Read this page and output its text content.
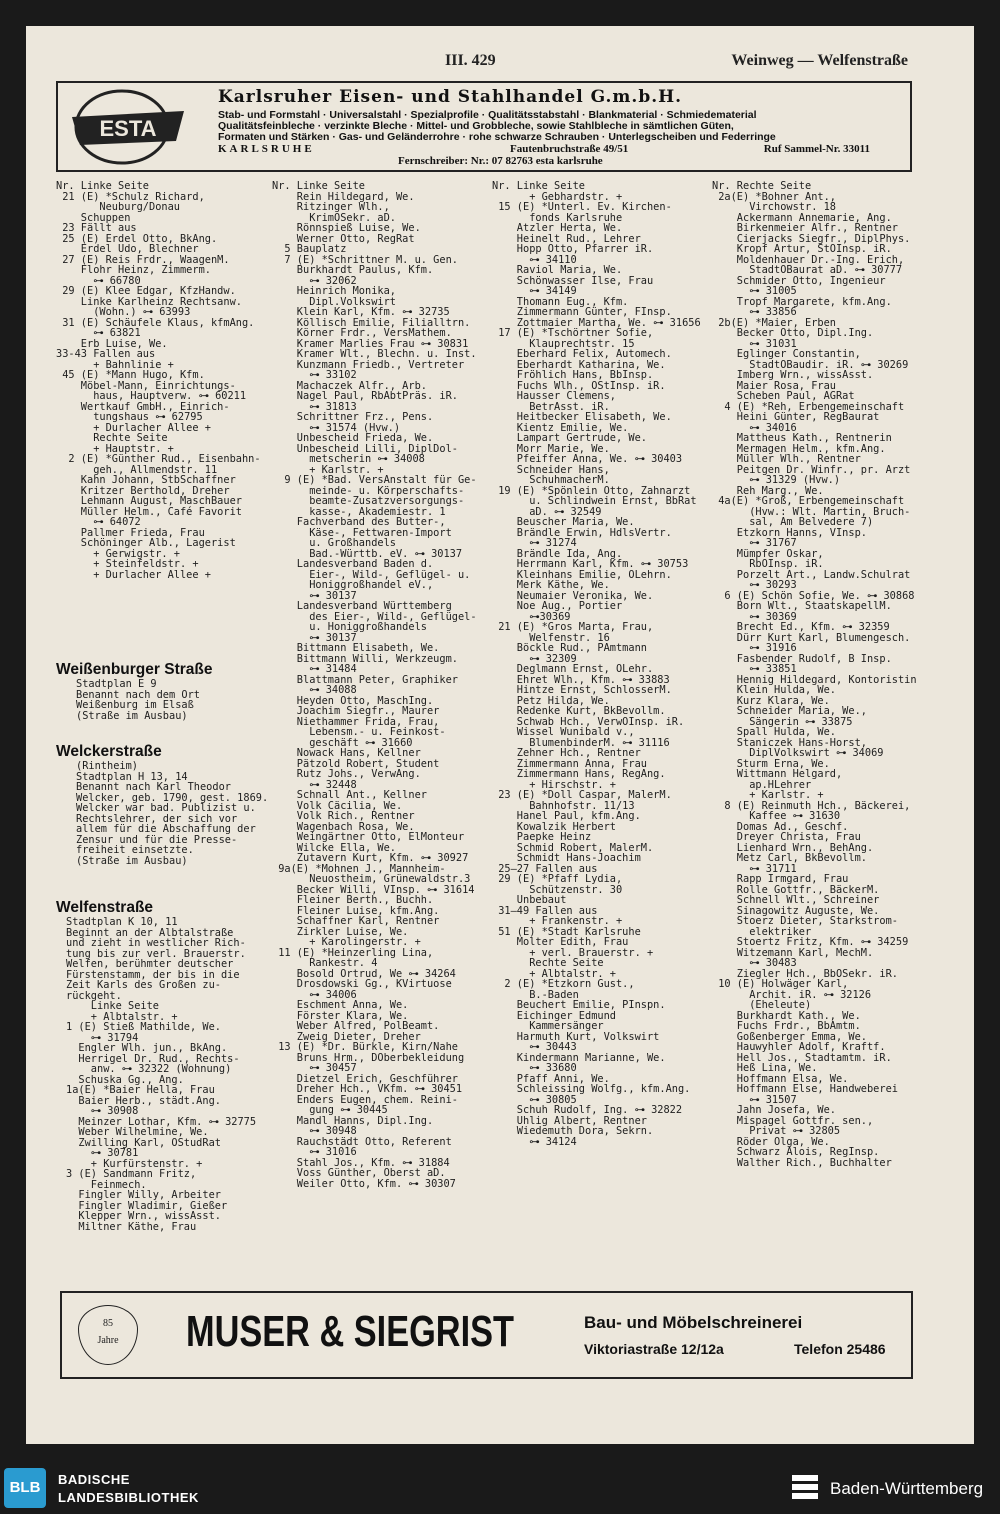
III. 429	Weinweg — Welfenstraße
ESTA
Karlsruher Eisen- und Stahlhandel G.m.b.H.
Stab- und Formstahl · Universalstahl · Spezialprofile · Qualitätsstabstahl · Blankmaterial · Schmiedematerial
Qualitätsfeinbleche · verzinkte Bleche · Mittel- und Grobbleche, sowie Stahlbleche in sämtlichen Güten,
Formaten und Stärken · Gas- und Geländerrohre · rohe schwarze Schrauben · Unterlegscheiben und Federringe
KARLSRUHE	Fautenbruchstraße 49/51	Ruf Sammel-Nr. 33011
Fernschreiber: Nr.: 07 82763 esta karlsruhe
Nr. Linke Seite
21 (E) *Schulz Richard,
Neuburg/Donau
Schuppen
23 Fällt aus
25 (E) Erdel Otto, BkAng.
Erdel Udo, Blechner
27 (E) Reis Frdr., WaagenM.
Flohr Heinz, Zimmerm.
⊶ 66780
29 (E) Klee Edgar, KfzHandw.
Linke Karlheinz Rechtsanw.
(Wohn.) ⊶ 63993
31 (E) Schäufele Klaus, kfmAng.
⊶ 63821
Erb Luise, We.
33-43 Fallen aus
+ Bahnlinie +
45 (E) *Mann Hugo, Kfm.
Möbel-Mann, Einrichtungs-
haus, Hauptverw. ⊶ 60211
Wertkauf GmbH., Einrich-
tungshaus ⊶ 62795
+ Durlacher Allee +
Rechte Seite
+ Hauptstr. +
2 (E) *Günther Rud., Eisenbahn-
geh., Allmendstr. 11
Kahn Johann, StbSchaffner
Kritzer Berthold, Dreher
Lehmann August, MaschBauer
Müller Helm., Café Favorit
⊶ 64072
Pallmer Frieda, Frau
Schöninger Alb., Lagerist
+ Gerwigstr. +
+ Steinfeldstr. +
+ Durlacher Allee +
Weißenburger Straße
Stadtplan E 9
Benannt nach dem Ort
Weißenburg im Elsaß
(Straße im Ausbau)
Welckerstraße
(Rintheim)
Stadtplan H 13, 14
Benannt nach Karl Theodor
Welcker, geb. 1790, gest. 1869.
Welcker war bad. Publizist u.
Rechtslehrer, der sich vor
allem für die Abschaffung der
Zensur und für die Presse-
freiheit einsetzte.
(Straße im Ausbau)
Welfenstraße
Stadtplan K 10, 11
Beginnt an der Albtalstraße
und zieht in westlicher Rich-
tung bis zur verl. Brauerstr.
Welfen, berühmter deutscher
Fürstenstamm, der bis in die
Zeit Karls des Großen zu-
rückgeht.
Linke Seite
+ Albtalstr. +
1 (E) Stieß Mathilde, We.
⊶ 31794
Engler Wlh. jun., BkAng.
Herrigel Dr. Rud., Rechts-
anw. ⊶ 32322 (Wohnung)
Schuska Gg., Ang.
1a(E) *Baier Hella, Frau
Baier Herb., städt.Ang.
⊶ 30908
Meinzer Lothar, Kfm. ⊶ 32775
Weber Wilhelmine, We.
Zwilling Karl, OStudRat
⊶ 30781
+ Kurfürstenstr. +
3 (E) Sandmann Fritz,
Feinmech.
Fingler Willy, Arbeiter
Fingler Wladimir, Gießer
Klepper Wrn., wissAsst.
Miltner Käthe, Frau
Nr. Linke Seite
Rein Hildegard, We.
Ritzinger Wlh.,
KrimOSekr. aD.
Rönnspieß Luise, We.
Werner Otto, RegRat
5 Bauplatz
7 (E) *Schrittner M. u. Gen.
Burkhardt Paulus, Kfm.
⊶ 32062
Heinrich Monika,
Dipl.Volkswirt
Klein Karl, Kfm. ⊶ 32735
Köllisch Emilie, Filialltrn.
Körner Frdr., VersMathem.
Kramer Marlies Frau ⊶ 30831
Kramer Wlt., Blechn. u. Inst.
Kunzmann Friedb., Vertreter
⊶ 33102
Machaczek Alfr., Arb.
Nagel Paul, RbAbtPräs. iR.
⊶ 31813
Schrittner Frz., Pens.
⊶ 31574 (Hvw.)
Unbescheid Frieda, We.
Unbescheid Lilli, DiplDol-
metscherin ⊶ 34008
+ Karlstr. +
9 (E) *Bad. VersAnstalt für Ge-
meinde- u. Körperschafts-
beamte-Zusatzversorgungs-
kasse-, Akademiestr. 1
Fachverband des Butter-,
Käse-, Fettwaren-Import
u. Großhandels
Bad.-Württb. eV. ⊶ 30137
Landesverband Baden d.
Eier-, Wild-, Geflügel- u.
Honiggroßhandel eV.,
⊶ 30137
Landesverband Württemberg
des Eier-, Wild-, Geflügel-
u. Honiggroßhandels
⊶ 30137
Bittmann Elisabeth, We.
Bittmann Willi, Werkzeugm.
⊶ 31484
Blattmann Peter, Graphiker
⊶ 34088
Heyden Otto, MaschIng.
Joachim Siegfr., Maurer
Niethammer Frida, Frau,
Lebensm.- u. Feinkost-
geschäft ⊶ 31660
Nowack Hans, Kellner
Pätzold Robert, Student
Rutz Johs., VerwAng.
⊶ 32448
Schnall Ant., Kellner
Volk Cäcilia, We.
Volk Rich., Rentner
Wagenbach Rosa, We.
Weingärtner Otto, ElMonteur
Wilcke Ella, We.
Zutavern Kurt, Kfm. ⊶ 30927
9a(E) *Mohnen J., Mannheim-
Neuostheim, Grünewaldstr.3
Becker Willi, VInsp. ⊶ 31614
Fleiner Berth., Buchh.
Fleiner Luise, kfm.Ang.
Schaffner Karl, Rentner
Zirkler Luise, We.
+ Karolingerstr. +
11 (E) *Heinzerling Lina,
Rankestr. 4
Bosold Ortrud, We ⊶ 34264
Drosdowski Gg., KVirtuose
⊶ 34006
Eschment Anna, We.
Förster Klara, We.
Weber Alfred, PolBeamt.
Zweig Dieter, Dreher
13 (E) *Dr. Bürkle, Kirn/Nahe
Bruns Hrm., DOberbekleidung
⊶ 30457
Dietzel Erich, Geschführer
Dreher Hch., VKfm. ⊶ 30451
Enders Eugen, chem. Reini-
gung ⊶ 30445
Mandl Hanns, Dipl.Ing.
⊶ 30948
Rauchstädt Otto, Referent
⊶ 31016
Stahl Jos., Kfm. ⊶ 31884
Voss Günther, Oberst aD.
Weiler Otto, Kfm. ⊶ 30307
Nr. Linke Seite
+ Gebhardstr. +
15 (E) *Unterl. Ev. Kirchen-
fonds Karlsruhe
Atzler Herta, We.
Heinelt Rud., Lehrer
Hopp Otto, Pfarrer iR.
⊶ 34110
Raviol Maria, We.
Schönwasser Ilse, Frau
⊶ 34149
Thomann Eug., Kfm.
Zimmermann Günter, FInsp.
Zottmaier Martha, We. ⊶ 31656
17 (E) *Tschörtner Sofie,
Klauprechtstr. 15
Eberhard Felix, Automech.
Eberhardt Katharina, We.
Fröhlich Hans, BbInsp.
Fuchs Wlh., OStInsp. iR.
Hausser Clemens,
BetrAsst. iR.
Heitbecker Elisabeth, We.
Kientz Emilie, We.
Lampart Gertrude, We.
Morr Marie, We.
Pfeiffer Anna, We. ⊶ 30403
Schneider Hans,
SchuhmacherM.
19 (E) *Spönlein Otto, Zahnarzt
u. Schlindwein Ernst, BbRat
aD. ⊶ 32549
Beuscher Maria, We.
Brändle Erwin, HdlsVertr.
⊶ 31274
Brändle Ida, Ang.
Herrmann Karl, Kfm. ⊶ 30753
Kleinhans Emilie, OLehrn.
Merk Käthe, We.
Neumaier Veronika, We.
Noe Aug., Portier
⊶30369
21 (E) *Gros Marta, Frau,
Welfenstr. 16
Böckle Rud., PAmtmann
⊶ 32309
Deglmann Ernst, OLehr.
Ehret Wlh., Kfm. ⊶ 33883
Hintze Ernst, SchlosserM.
Petz Hilda, We.
Redenke Kurt, BkBevollm.
Schwab Hch., VerwOInsp. iR.
Wissel Wunibald v.,
BlumenbinderM. ⊶ 31116
Zehner Hch., Rentner
Zimmermann Anna, Frau
Zimmermann Hans, RegAng.
+ Hirschstr. +
23 (E) *Doll Caspar, MalerM.
Bahnhofstr. 11/13
Hanel Paul, kfm.Ang.
Kowalzik Herbert
Paepke Heinz
Schmid Robert, MalerM.
Schmidt Hans-Joachim
25—27 Fallen aus
29 (E) *Pfaff Lydia,
Schützenstr. 30
Unbebaut
31—49 Fallen aus
+ Frankenstr. +
51 (E) *Stadt Karlsruhe
Molter Edith, Frau
+ verl. Brauerstr. +
Rechte Seite
+ Albtalstr. +
2 (E) *Etzkorn Gust.,
B.-Baden
Beuchert Emilie, PInspn.
Eichinger Edmund
Kammersänger
Harmuth Kurt, Volkswirt
⊶ 30443
Kindermann Marianne, We.
⊶ 33680
Pfaff Anni, We.
Schleissing Wolfg., kfm.Ang.
⊶ 30805
Schuh Rudolf, Ing. ⊶ 32822
Uhlig Albert, Rentner
Wiedemuth Dora, Sekrn.
⊶ 34124
Nr. Rechte Seite
2a(E) *Bohner Ant.,
Virchowstr. 18
Ackermann Annemarie, Ang.
Birkenmeier Alfr., Rentner
Cierjacks Siegfr., DiplPhys.
Kropf Artur, StOInsp. iR.
Moldenhauer Dr.-Ing. Erich,
StadtOBaurat aD. ⊶ 30777
Schmider Otto, Ingenieur
⊶ 31005
Tropf Margarete, kfm.Ang.
⊶ 33856
2b(E) *Maier, Erben
Becker Otto, Dipl.Ing.
⊶ 31031
Eglinger Constantin,
StadtOBaudir. iR. ⊶ 30269
Imberg Wrn., wissAsst.
Maier Rosa, Frau
Scheben Paul, AGRat
4 (E) *Reh, Erbengemeinschaft
Heini Günter, RegBaurat
⊶ 34016
Mattheus Kath., Rentnerin
Mermagen Helm., kfm.Ang.
Müller Wlh., Rentner
Peitgen Dr. Winfr., pr. Arzt
⊶ 31329 (Hvw.)
Reh Marg., We.
4a(E) *Groß, Erbengemeinschaft
(Hvw.: Wlt. Martin, Bruch-
sal, Am Belvedere 7)
Etzkorn Hanns, VInsp.
⊶ 31767
Mümpfer Oskar,
RbOInsp. iR.
Porzelt Art., Landw.Schulrat
⊶ 30293
6 (E) Schön Sofie, We. ⊶ 30868
Born Wlt., StaatskapellM.
⊶ 30369
Brecht Ed., Kfm. ⊶ 32359
Dürr Kurt Karl, Blumengesch.
⊶ 31916
Fasbender Rudolf, B Insp.
⊶ 33851
Hennig Hildegard, Kontoristin
Klein Hulda, We.
Kurz Klara, We.
Schneider Maria, We.,
Sängerin ⊶ 33875
Spall Hulda, We.
Staniczek Hans-Horst,
DiplVolkswirt ⊶ 34069
Sturm Erna, We.
Wittmann Helgard,
ap.HLehrer
+ Karlstr. +
8 (E) Reinmuth Hch., Bäckerei,
Kaffee ⊶ 31630
Domas Ad., Geschf.
Dreyer Christa, Frau
Lienhard Wrn., BehAng.
Metz Carl, BkBevollm.
⊶ 31711
Rapp Irmgard, Frau
Rolle Gottfr., BäckerM.
Schnell Wlt., Schreiner
Sinagowitz Auguste, We.
Stoerz Dieter, Starkstrom-
elektriker
Stoertz Fritz, Kfm. ⊶ 34259
Witzemann Karl, MechM.
⊶ 30483
Ziegler Hch., BbOSekr. iR.
10 (E) Holwäger Karl,
Archit. iR. ⊶ 32126
(Eheleute)
Burkhardt Kath., We.
Fuchs Frdr., BbAmtm.
Goßenberger Emma, We.
Hauwyhler Adolf, Kraftf.
Hell Jos., Stadtamtm. iR.
Heß Lina, We.
Hoffmann Elsa, We.
Hoffmann Else, Handweberei
⊶ 31507
Jahn Josefa, We.
Mispagel Gottfr. sen.,
Privat ⊶ 32805
Röder Olga, We.
Schwarz Alois, RegInsp.
Walther Rich., Buchhalter
85
Jahre	MUSER & SIEGRIST	Bau- und Möbelschreinerei
Viktoriastraße 12/12a	Telefon 25486
BLB	BADISCHE
LANDESBIBLIOTHEK	Baden-Württemberg
